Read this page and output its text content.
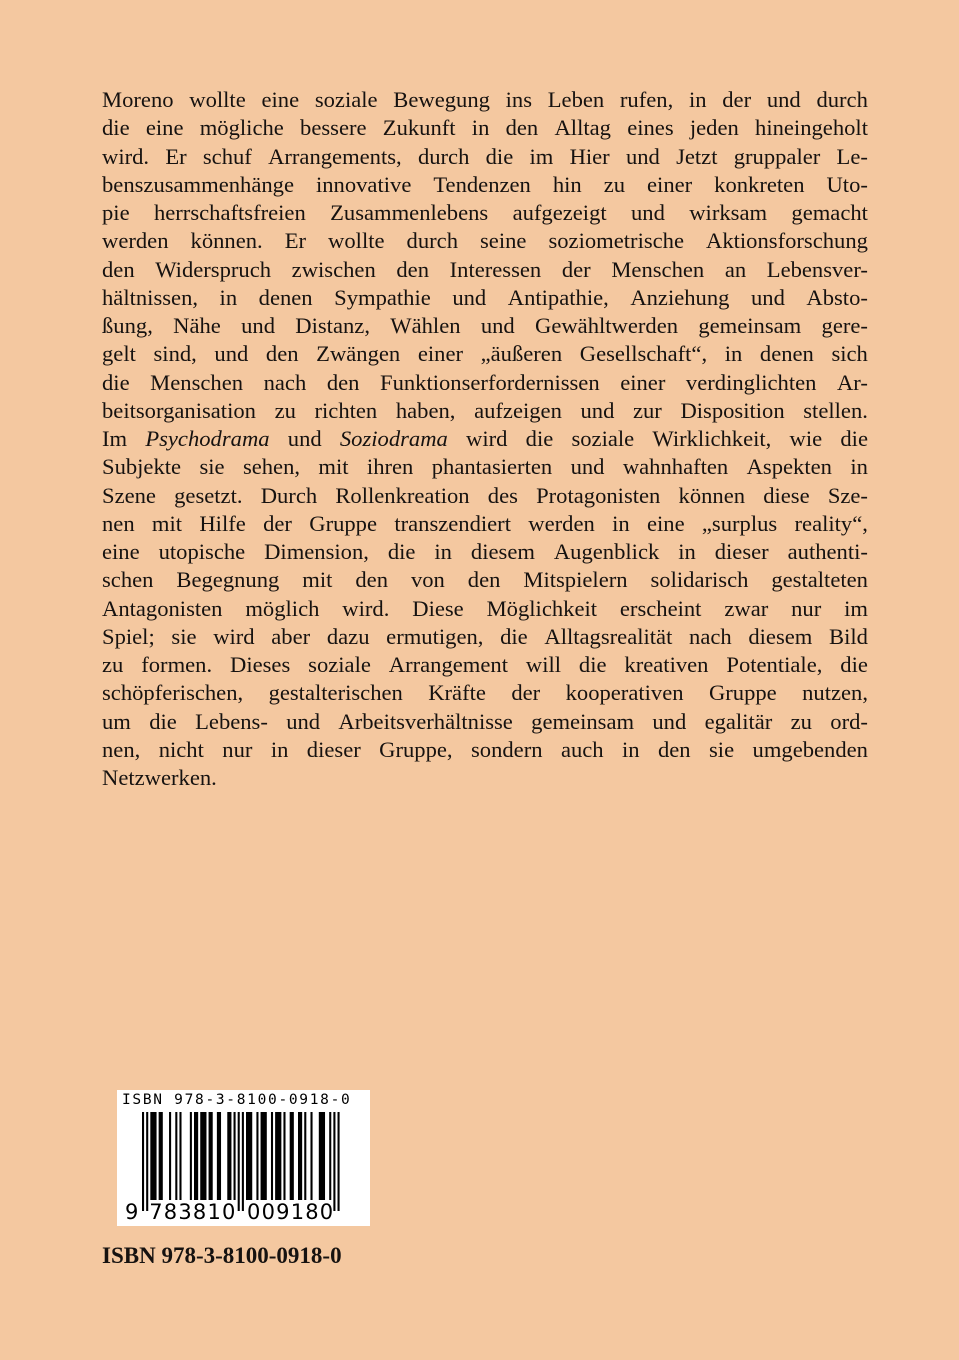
Moreno wollte eine soziale Bewegung ins Leben rufen, in der und durch
die eine mögliche bessere Zukunft in den Alltag eines jeden hineingeholt
wird. Er schuf Arrangements, durch die im Hier und Jetzt gruppaler Le-
benszusammenhänge innovative Tendenzen hin zu einer konkreten Uto-
pie herrschaftsfreien Zusammenlebens aufgezeigt und wirksam gemacht
werden können. Er wollte durch seine soziometrische Aktionsforschung
den Widerspruch zwischen den Interessen der Menschen an Lebensver-
hältnissen, in denen Sympathie und Antipathie, Anziehung und Absto-
ßung, Nähe und Distanz, Wählen und Gewähltwerden gemeinsam gere-
gelt sind, und den Zwängen einer „äußeren Gesellschaft“, in denen sich
die Menschen nach den Funktionserfordernissen einer verdinglichten Ar-
beitsorganisation zu richten haben, aufzeigen und zur Disposition stellen.
Im Psychodrama und Soziodrama wird die soziale Wirklichkeit, wie die
Subjekte sie sehen, mit ihren phantasierten und wahnhaften Aspekten in
Szene gesetzt. Durch Rollenkreation des Protagonisten können diese Sze-
nen mit Hilfe der Gruppe transzendiert werden in eine „surplus reality“,
eine utopische Dimension, die in diesem Augenblick in dieser authenti-
schen Begegnung mit den von den Mitspielern solidarisch gestalteten
Antagonisten möglich wird. Diese Möglichkeit erscheint zwar nur im
Spiel; sie wird aber dazu ermutigen, die Alltagsrealität nach diesem Bild
zu formen. Dieses soziale Arrangement will die kreativen Potentiale, die
schöpferischen, gestalterischen Kräfte der kooperativen Gruppe nutzen,
um die Lebens- und Arbeitsverhältnisse gemeinsam und egalitär zu ord-
nen, nicht nur in dieser Gruppe, sondern auch in den sie umgebenden
Netzwerken.
ISBN 978-3-8100-0918-0
9 7 8 3 8 1 0 0 0 9 1 8 0
ISBN 978-3-8100-0918-0
